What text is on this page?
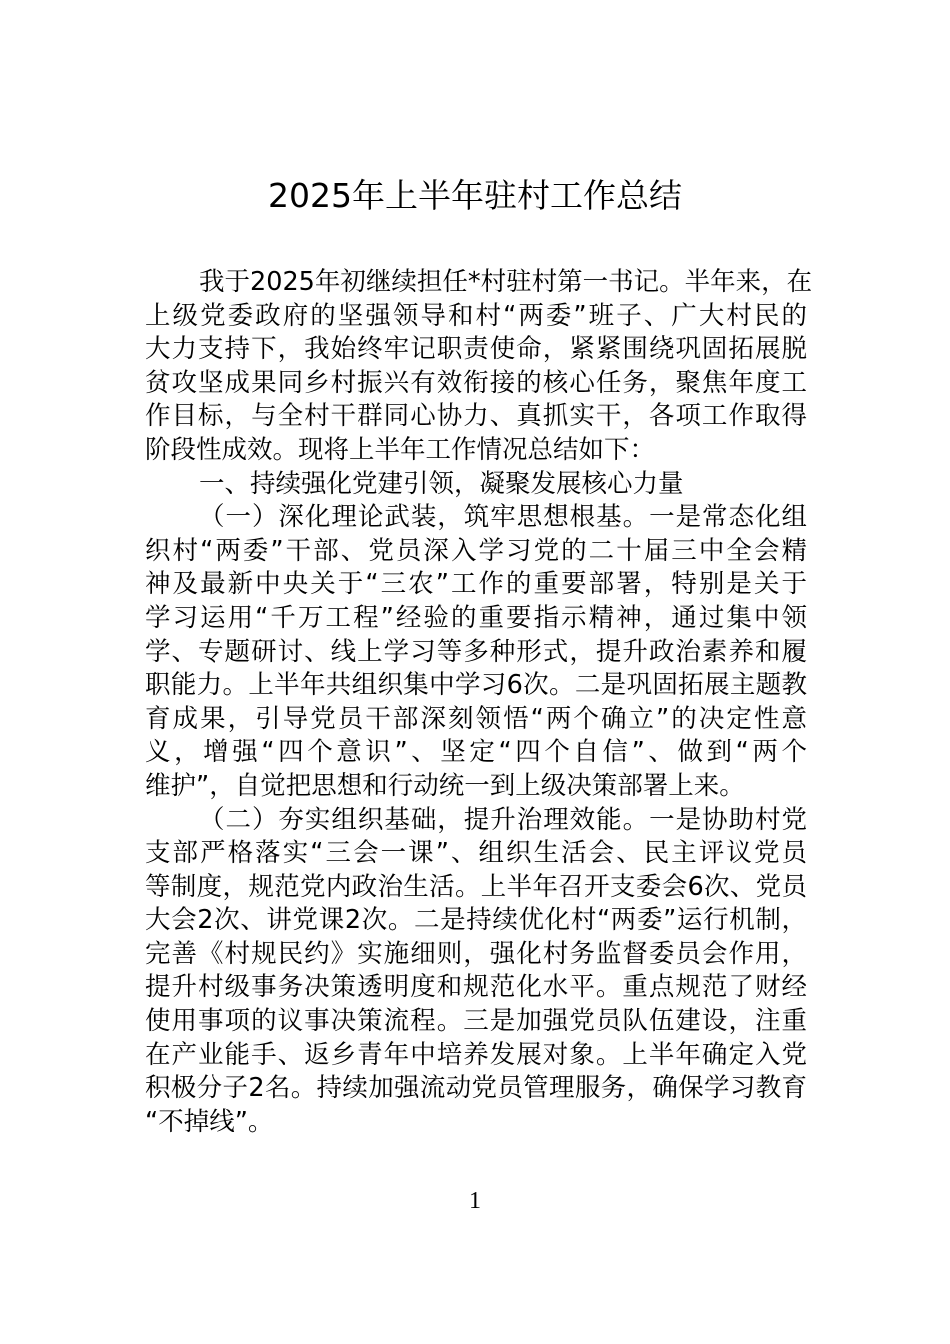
2025年上半年驻村工作总结
我于2025年初继续担任*村驻村第一书记。半年来，在
上级党委政府的坚强领导和村“两委”班子、广大村民的
大力支持下，我始终牢记职责使命，紧紧围绕巩固拓展脱
贫攻坚成果同乡村振兴有效衔接的核心任务，聚焦年度工
作目标，与全村干群同心协力、真抓实干，各项工作取得
阶段性成效。现将上半年工作情况总结如下：
一、持续强化党建引领，凝聚发展核心力量
（一）深化理论武装，筑牢思想根基。一是常态化组
织村“两委”干部、党员深入学习党的二十届三中全会精
神及最新中央关于“三农”工作的重要部署，特别是关于
学习运用“千万工程”经验的重要指示精神，通过集中领
学、专题研讨、线上学习等多种形式，提升政治素养和履
职能力。上半年共组织集中学习6次。二是巩固拓展主题教
育成果，引导党员干部深刻领悟“两个确立”的决定性意
义，增强“四个意识”、坚定“四个自信”、做到“两个
维护”，自觉把思想和行动统一到上级决策部署上来。
（二）夯实组织基础，提升治理效能。一是协助村党
支部严格落实“三会一课”、组织生活会、民主评议党员
等制度，规范党内政治生活。上半年召开支委会6次、党员
大会2次、讲党课2次。二是持续优化村“两委”运行机制，
完善《村规民约》实施细则，强化村务监督委员会作用，
提升村级事务决策透明度和规范化水平。重点规范了财经
使用事项的议事决策流程。三是加强党员队伍建设，注重
在产业能手、返乡青年中培养发展对象。上半年确定入党
积极分子2名。持续加强流动党员管理服务，确保学习教育
“不掉线”。
1
